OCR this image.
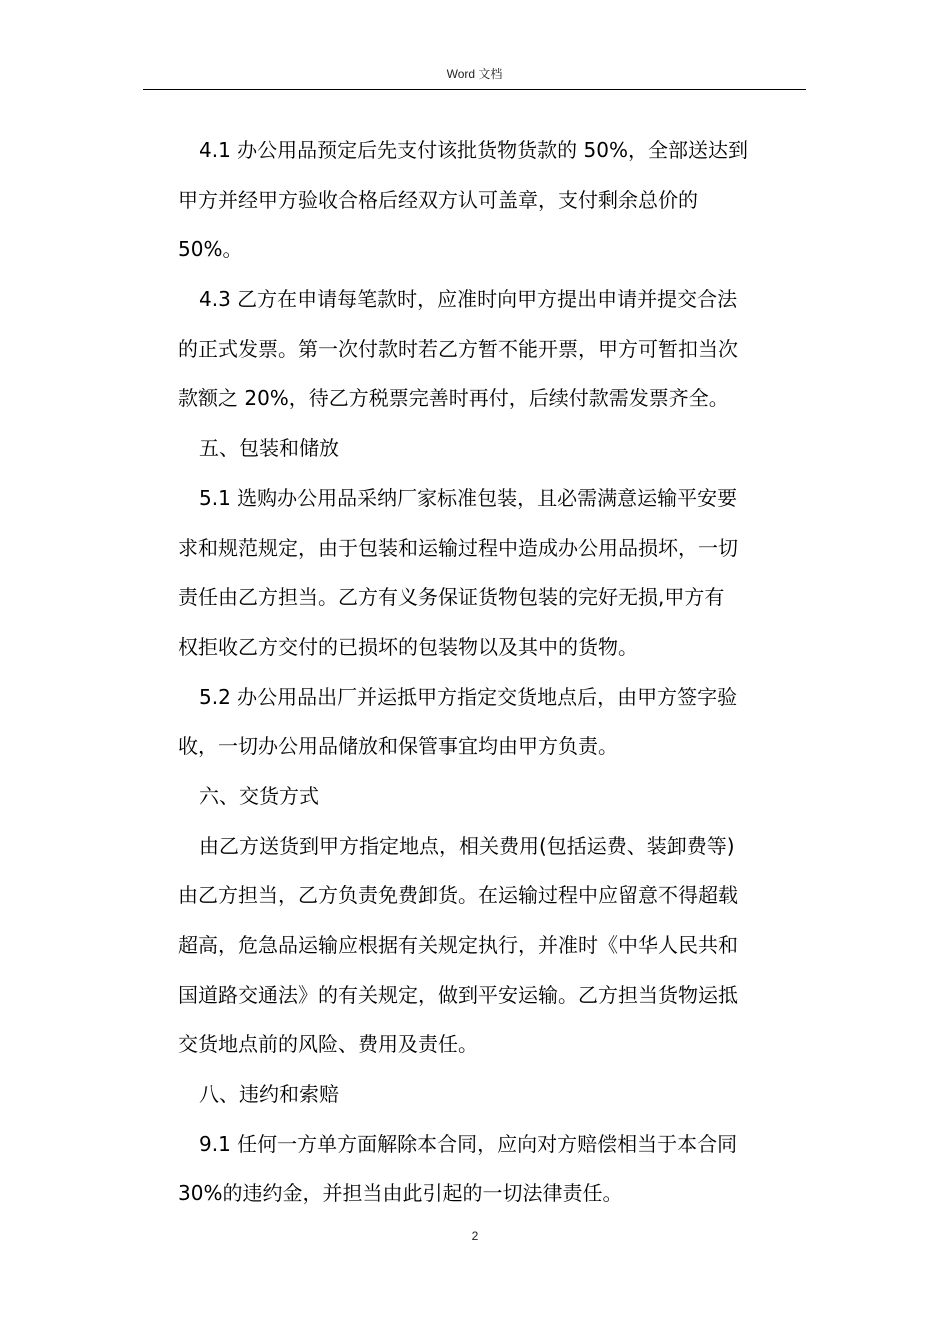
Word 文档
4.1 办公用品预定后先支付该批货物货款的 50%，全部送达到
甲方并经甲方验收合格后经双方认可盖章，支付剩余总价的
50%。
4.3 乙方在申请每笔款时，应准时向甲方提出申请并提交合法
的正式发票。第一次付款时若乙方暂不能开票，甲方可暂扣当次
款额之 20%，待乙方税票完善时再付，后续付款需发票齐全。
五、包装和储放
5.1 选购办公用品采纳厂家标准包装，且必需满意运输平安要
求和规范规定，由于包装和运输过程中造成办公用品损坏，一切
责任由乙方担当。乙方有义务保证货物包装的完好无损,甲方有
权拒收乙方交付的已损坏的包装物以及其中的货物。
5.2 办公用品出厂并运抵甲方指定交货地点后，由甲方签字验
收，一切办公用品储放和保管事宜均由甲方负责。
六、交货方式
由乙方送货到甲方指定地点，相关费用(包括运费、装卸费等)
由乙方担当，乙方负责免费卸货。在运输过程中应留意不得超载
超高，危急品运输应根据有关规定执行，并准时《中华人民共和
国道路交通法》的有关规定，做到平安运输。乙方担当货物运抵
交货地点前的风险、费用及责任。
八、违约和索赔
9.1 任何一方单方面解除本合同，应向对方赔偿相当于本合同
30%的违约金，并担当由此引起的一切法律责任。
2
